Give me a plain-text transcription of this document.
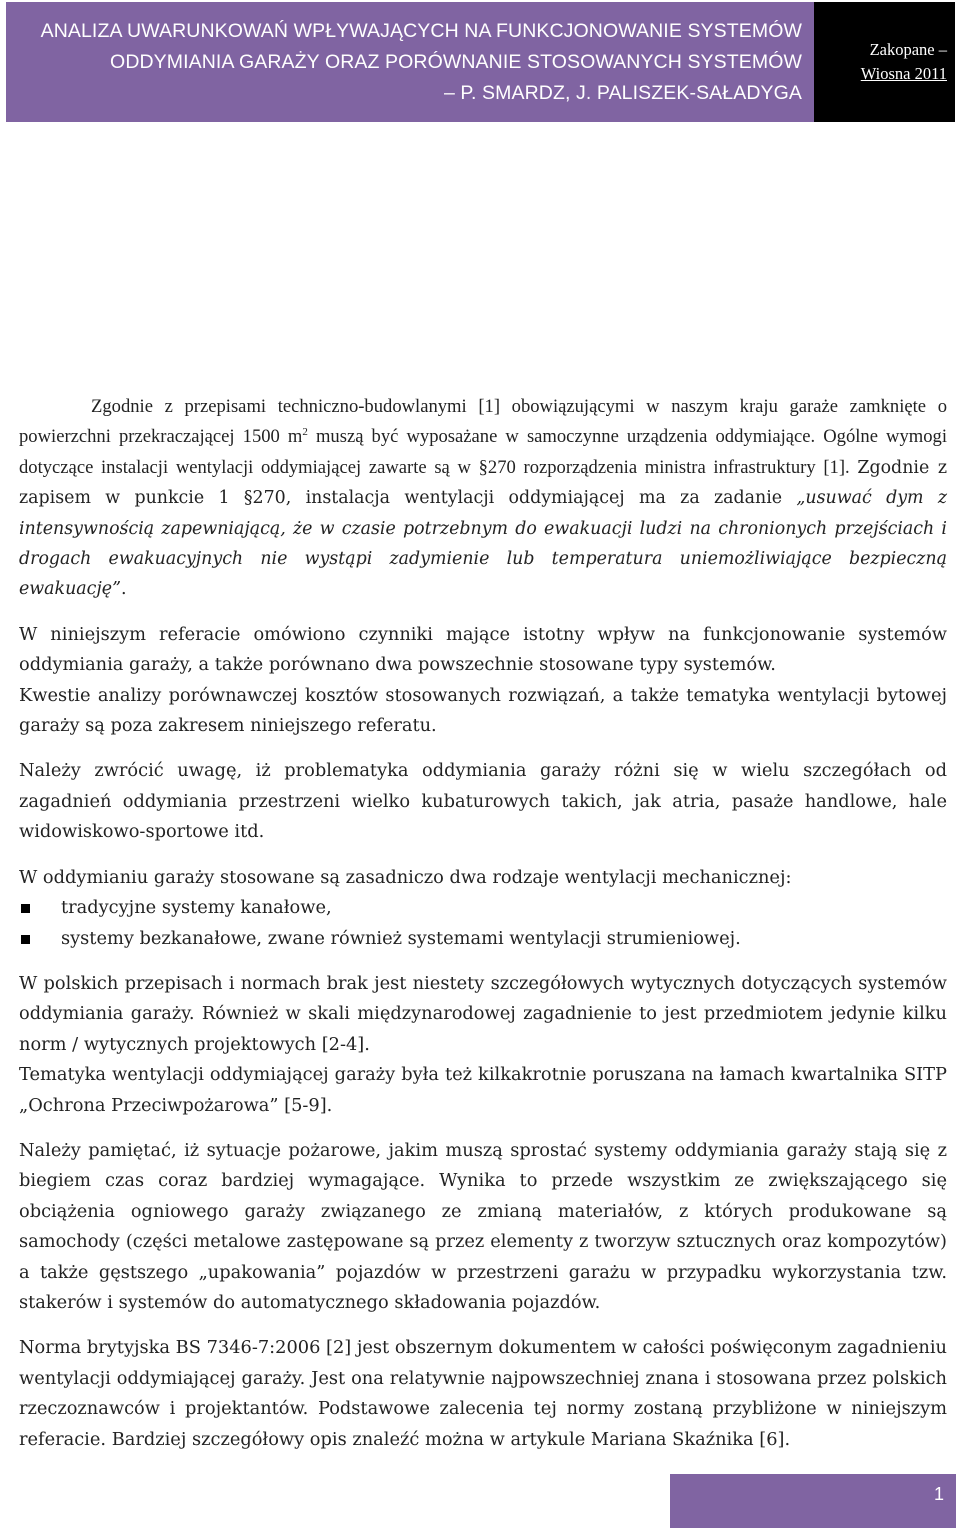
ANALIZA UWARUNKOWAŃ WPŁYWAJĄCYCH NA FUNKCJONOWANIE SYSTEMÓW
ODDYMIANIA GARAŻY ORAZ PORÓWNANIE STOSOWANYCH SYSTEMÓW
– P. SMARDZ, J. PALISZEK-SAŁADYGA
Zakopane –
Wiosna 2011

Zgodnie z przepisami techniczno-budowlanymi [1] obowiązującymi w naszym kraju garaże zamknięte o powierzchni przekraczającej 1500 $m^2$ muszą być wyposażane w samoczynne urządzenia oddymiające. Ogólne wymogi dotyczące instalacji wentylacji oddymiającej zawarte są w §270 rozporządzenia ministra infrastruktury [1]. Zgodnie z zapisem w punkcie 1 §270, instalacja wentylacji oddymiającej ma za zadanie „usuwać dym z intensywnością zapewniającą, że w czasie potrzebnym do ewakuacji ludzi na chronionych przejściach i drogach ewakuacyjnych nie wystąpi zadymienie lub temperatura uniemożliwiające bezpieczną ewakuację”.

W niniejszym referacie omówiono czynniki mające istotny wpływ na funkcjonowanie systemów oddymiania garaży, a także porównano dwa powszechnie stosowane typy systemów.

Kwestie analizy porównawczej kosztów stosowanych rozwiązań, a także tematyka wentylacji bytowej garaży są poza zakresem niniejszego referatu.

Należy zwrócić uwagę, iż problematyka oddymiania garaży różni się w wielu szczegółach od zagadnień oddymiania przestrzeni wielko kubaturowych takich, jak atria, pasaże handlowe, hale widowiskowo-sportowe itd.

W oddymianiu garaży stosowane są zasadniczo dwa rodzaje wentylacji mechanicznej:

tradycyjne systemy kanałowe,
systemy bezkanałowe, zwane również systemami wentylacji strumieniowej.

W polskich przepisach i normach brak jest niestety szczegółowych wytycznych dotyczących systemów oddymiania garaży. Również w skali międzynarodowej zagadnienie to jest przedmiotem jedynie kilku norm / wytycznych projektowych [2-4].

Tematyka wentylacji oddymiającej garaży była też kilkakrotnie poruszana na łamach kwartalnika SITP „Ochrona Przeciwpożarowa” [5-9].

Należy pamiętać, iż sytuacje pożarowe, jakim muszą sprostać systemy oddymiania garaży stają się z biegiem czas coraz bardziej wymagające. Wynika to przede wszystkim ze zwiększającego się obciążenia ogniowego garaży związanego ze zmianą materiałów, z których produkowane są samochody (części metalowe zastępowane są przez elementy z tworzyw sztucznych oraz kompozytów) a także gęstszego „upakowania” pojazdów w przestrzeni garażu w przypadku wykorzystania tzw. stakerów i systemów do automatycznego składowania pojazdów.

Norma brytyjska BS 7346-7:2006 [2] jest obszernym dokumentem w całości poświęconym zagadnieniu wentylacji oddymiającej garaży. Jest ona relatywnie najpowszechniej znana i stosowana przez polskich rzeczoznawców i projektantów. Podstawowe zalecenia tej normy zostaną przybliżone w niniejszym referacie. Bardziej szczegółowy opis znaleźć można w artykule Mariana Skaźnika [6].

1
